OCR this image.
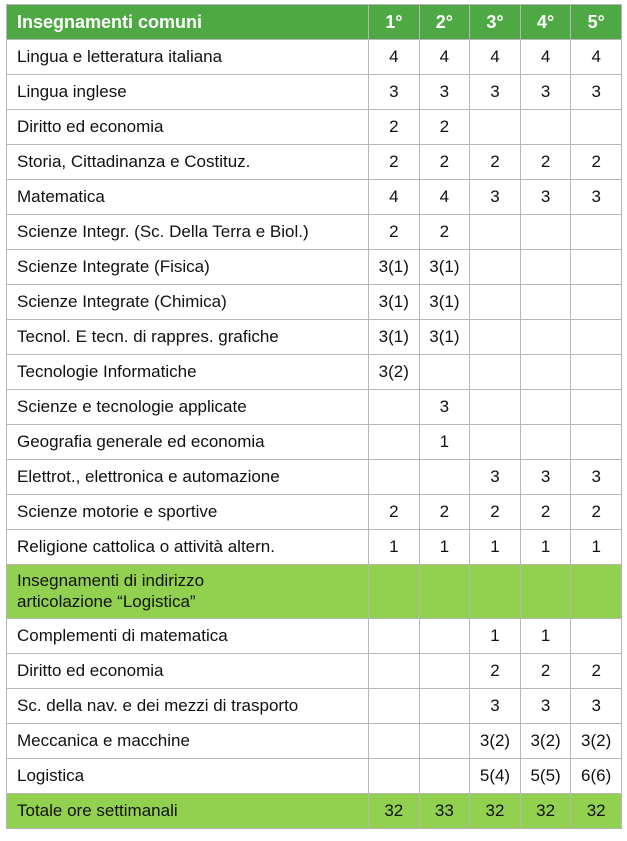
Insegnamenti comuni	1°	2°	3°	4°	5°
Lingua e letteratura italiana	4	4	4	4	4
Lingua inglese	3	3	3	3	3
Diritto ed economia	2	2			
Storia, Cittadinanza e Costituz.	2	2	2	2	2
Matematica	4	4	3	3	3
Scienze Integr. (Sc. Della Terra e Biol.)	2	2			
Scienze Integrate (Fisica)	3(1)	3(1)			
Scienze Integrate (Chimica)	3(1)	3(1)			
Tecnol. E tecn. di rappres. grafiche	3(1)	3(1)			
Tecnologie Informatiche	3(2)				
Scienze e tecnologie applicate		3			
Geografia generale ed economia		1			
Elettrot., elettronica e automazione			3	3	3
Scienze motorie e sportive	2	2	2	2	2
Religione cattolica o attività altern.	1	1	1	1	1
Insegnamenti di indirizzo
articolazione “Logistica”					
Complementi di matematica			1	1	
Diritto ed economia			2	2	2
Sc. della nav. e dei mezzi di trasporto			3	3	3
Meccanica e macchine			3(2)	3(2)	3(2)
Logistica			5(4)	5(5)	6(6)
Totale ore settimanali	32	33	32	32	32
